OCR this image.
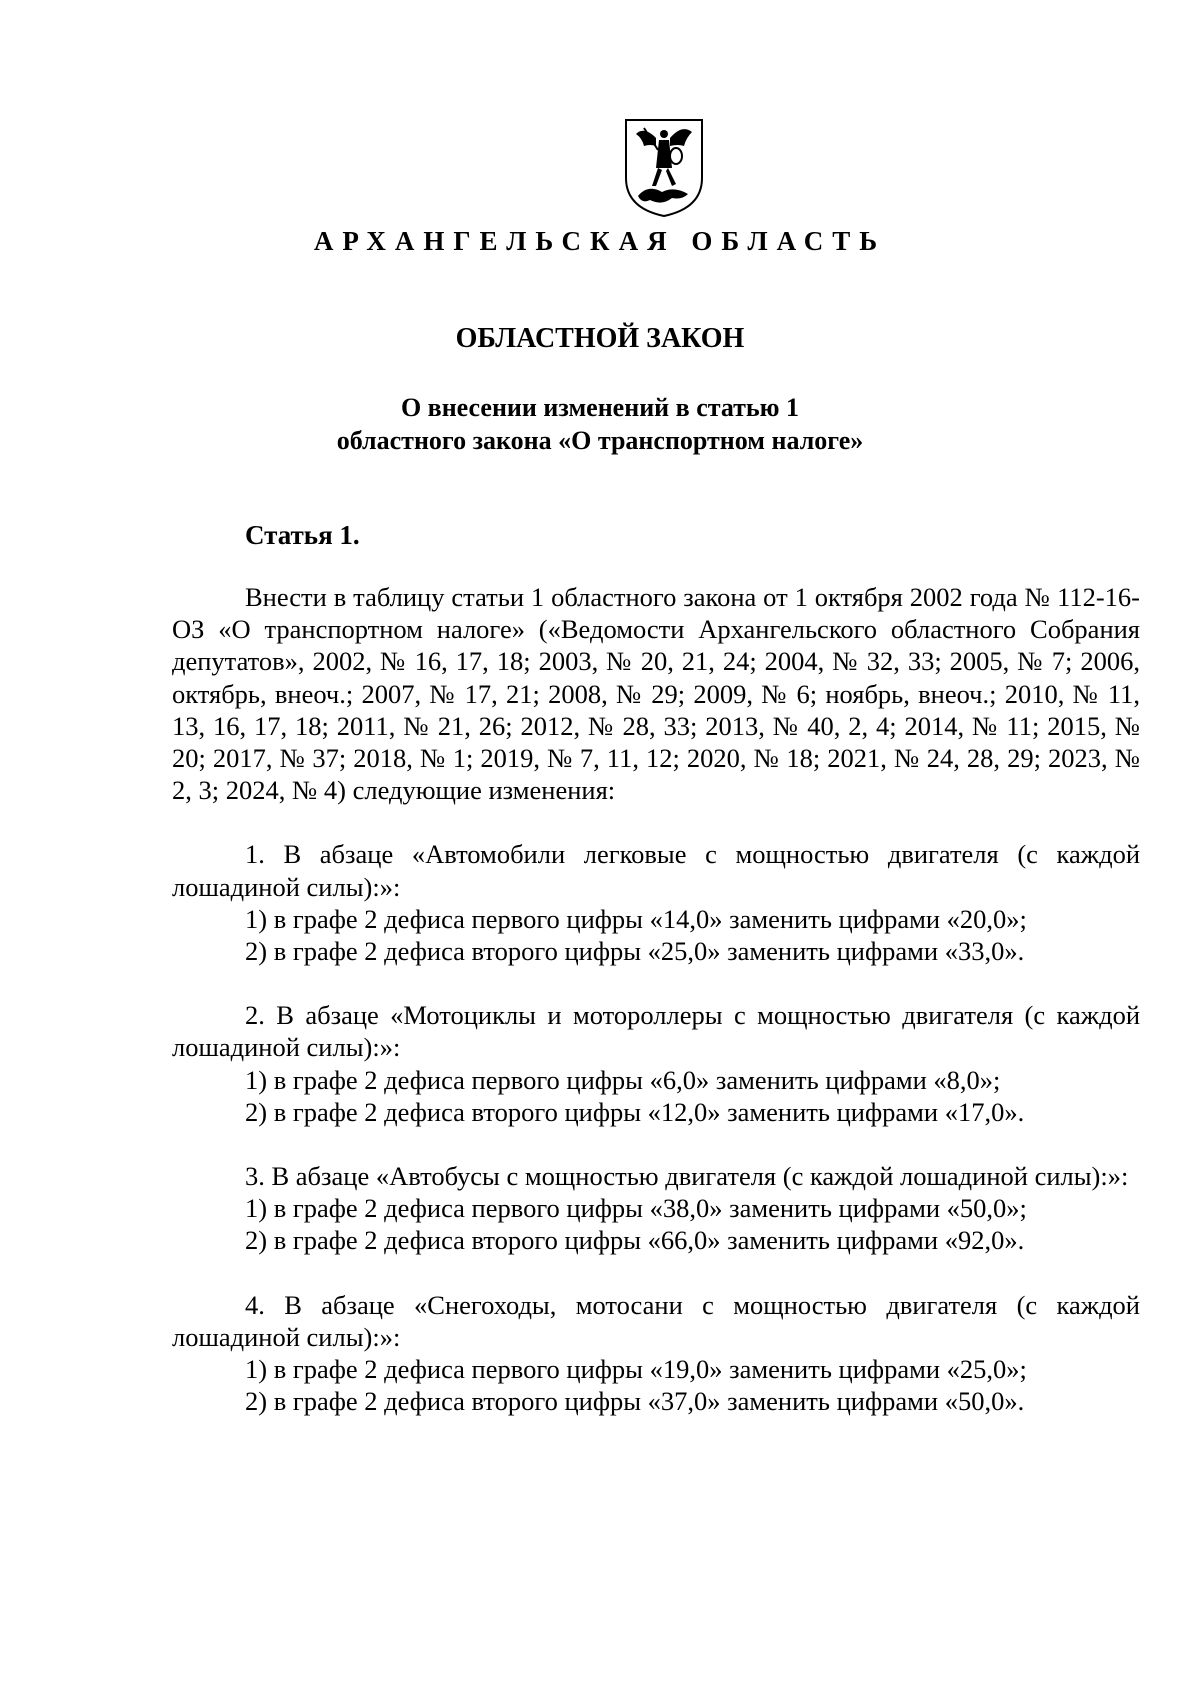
АРХАНГЕЛЬСКАЯ ОБЛАСТЬ
ОБЛАСТНОЙ ЗАКОН
О внесении изменений в статью 1
областного закона «О транспортном налоге»
Статья 1.

Внести в таблицу статьи 1 областного закона от 1 октября 2002 года № 112-16-ОЗ «О транспортном налоге» («Ведомости Архангельского областного Собрания депутатов», 2002, № 16, 17, 18; 2003, № 20, 21, 24; 2004, № 32, 33; 2005, № 7; 2006, октябрь, внеоч.; 2007, № 17, 21; 2008, № 29; 2009, № 6; ноябрь, внеоч.; 2010, № 11, 13, 16, 17, 18; 2011, № 21, 26; 2012, № 28, 33; 2013, № 40, 2, 4; 2014, № 11; 2015, № 20; 2017, № 37; 2018, № 1; 2019, № 7, 11, 12; 2020, № 18; 2021, № 24, 28, 29; 2023, № 2, 3; 2024, № 4) следующие изменения:

1. В абзаце «Автомобили легковые с мощностью двигателя (с каждой лошадиной силы):»:

1) в графе 2 дефиса первого цифры «14,0» заменить цифрами «20,0»;

2) в графе 2 дефиса второго цифры «25,0» заменить цифрами «33,0».

2. В абзаце «Мотоциклы и мотороллеры с мощностью двигателя (с каждой лошадиной силы):»:

1) в графе 2 дефиса первого цифры «6,0» заменить цифрами «8,0»;

2) в графе 2 дефиса второго цифры «12,0» заменить цифрами «17,0».

3. В абзаце «Автобусы с мощностью двигателя (с каждой лошадиной силы):»:

1) в графе 2 дефиса первого цифры «38,0» заменить цифрами «50,0»;

2) в графе 2 дефиса второго цифры «66,0» заменить цифрами «92,0».

4. В абзаце «Снегоходы, мотосани с мощностью двигателя (с каждой лошадиной силы):»:

1) в графе 2 дефиса первого цифры «19,0» заменить цифрами «25,0»;

2) в графе 2 дефиса второго цифры «37,0» заменить цифрами «50,0».
